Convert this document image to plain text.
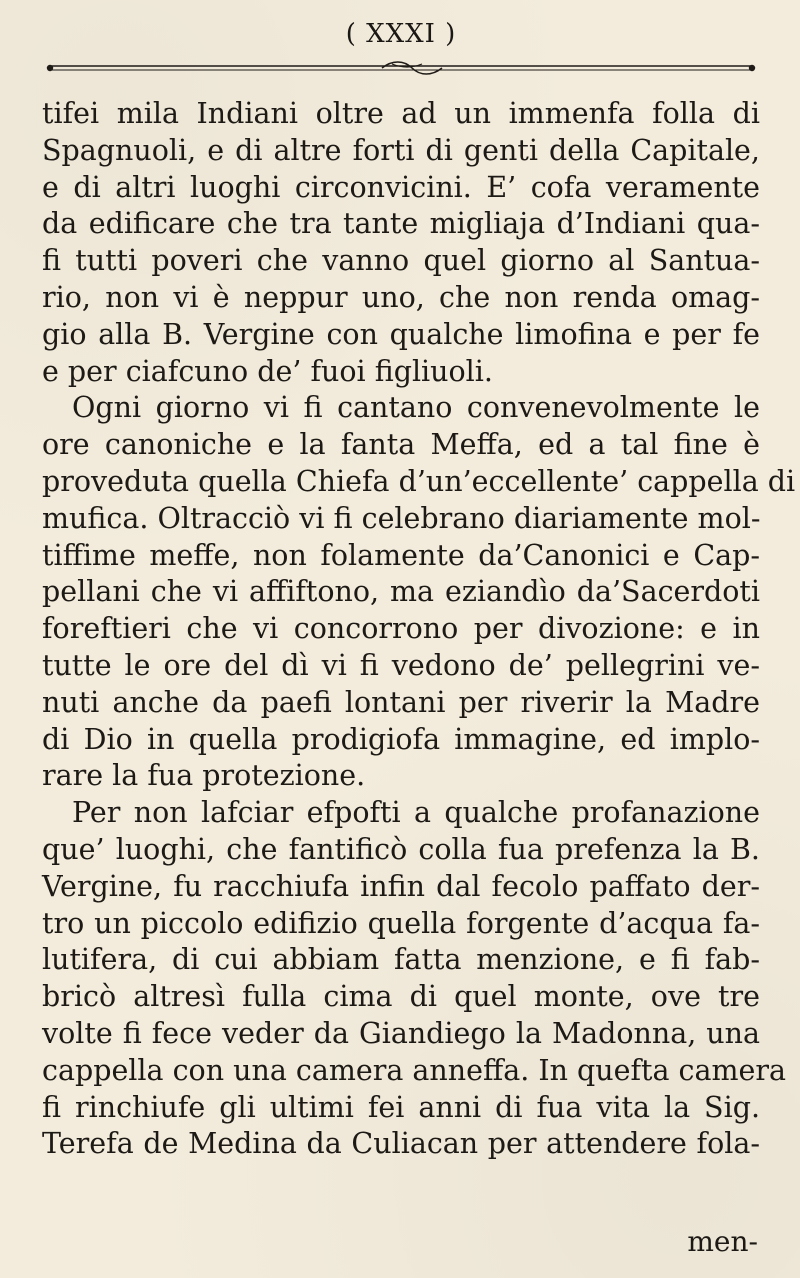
( XXXI )
tifei mila Indiani oltre ad un immenfa folla di
Spagnuoli, e di altre forti di genti della Capitale,
e di altri luoghi circonvicini. E’ cofa veramente
da edificare che tra tante migliaja d’Indiani qua-
fi tutti poveri che vanno quel giorno al Santua-
rio, non vi è neppur uno, che non renda omag-
gio alla B. Vergine con qualche limofina e per fe
e per ciafcuno de’ fuoi figliuoli.
Ogni giorno vi fi cantano convenevolmente le
ore canoniche e la fanta Meffa, ed a tal fine è
proveduta quella Chiefa d’un’eccellente’ cappella di
mufica. Oltracciò vi fi celebrano diariamente mol-
tiffime meffe, non folamente da’Canonici e Cap-
pellani che vi affiftono, ma eziandìo da’Sacerdoti
foreftieri che vi concorrono per divozione: e in
tutte le ore del dì vi fi vedono de’ pellegrini ve-
nuti anche da paefi lontani per riverir la Madre
di Dio in quella prodigiofa immagine, ed implo-
rare la fua protezione.
Per non lafciar efpofti a qualche profanazione
que’ luoghi, che fantificò colla fua prefenza la B.
Vergine, fu racchiufa infin dal fecolo paffato der-
tro un piccolo edifizio quella forgente d’acqua fa-
lutifera, di cui abbiam fatta menzione, e fi fab-
bricò altresì fulla cima di quel monte, ove tre
volte fi fece veder da Giandiego la Madonna, una
cappella con una camera anneffa. In quefta camera
fi rinchiufe gli ultimi fei anni di fua vita la Sig.
Terefa de Medina da Culiacan per attendere fola-
men-
